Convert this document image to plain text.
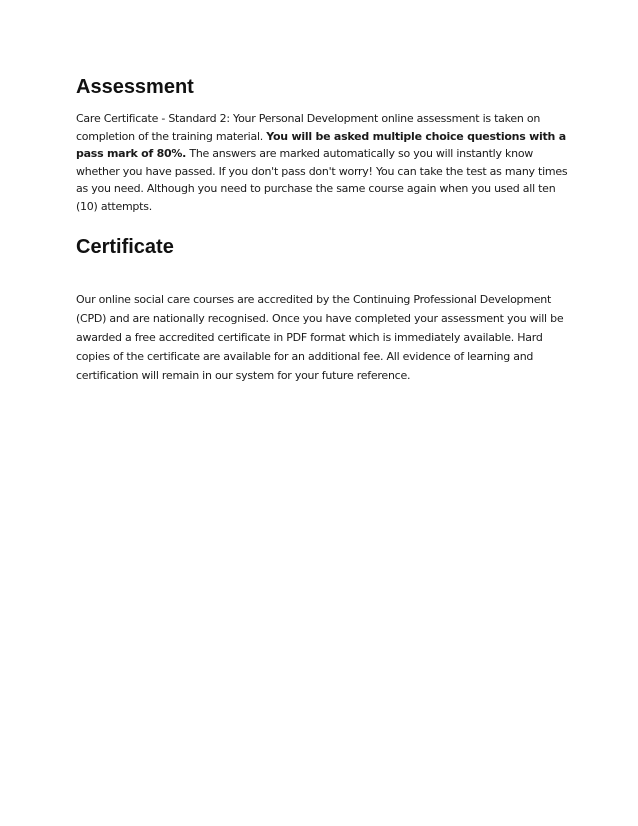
Assessment

Care Certificate - Standard 2: Your Personal Development online assessment is taken on completion of the training material. You will be asked multiple choice questions with a pass mark of 80%. The answers are marked automatically so you will instantly know whether you have passed. If you don't pass don't worry! You can take the test as many times as you need. Although you need to purchase the same course again when you used all ten (10) attempts.

Certificate

Our online social care courses are accredited by the Continuing Professional Development (CPD) and are nationally recognised. Once you have completed your assessment you will be awarded a free accredited certificate in PDF format which is immediately available. Hard copies of the certificate are available for an additional fee. All evidence of learning and certification will remain in our system for your future reference.
